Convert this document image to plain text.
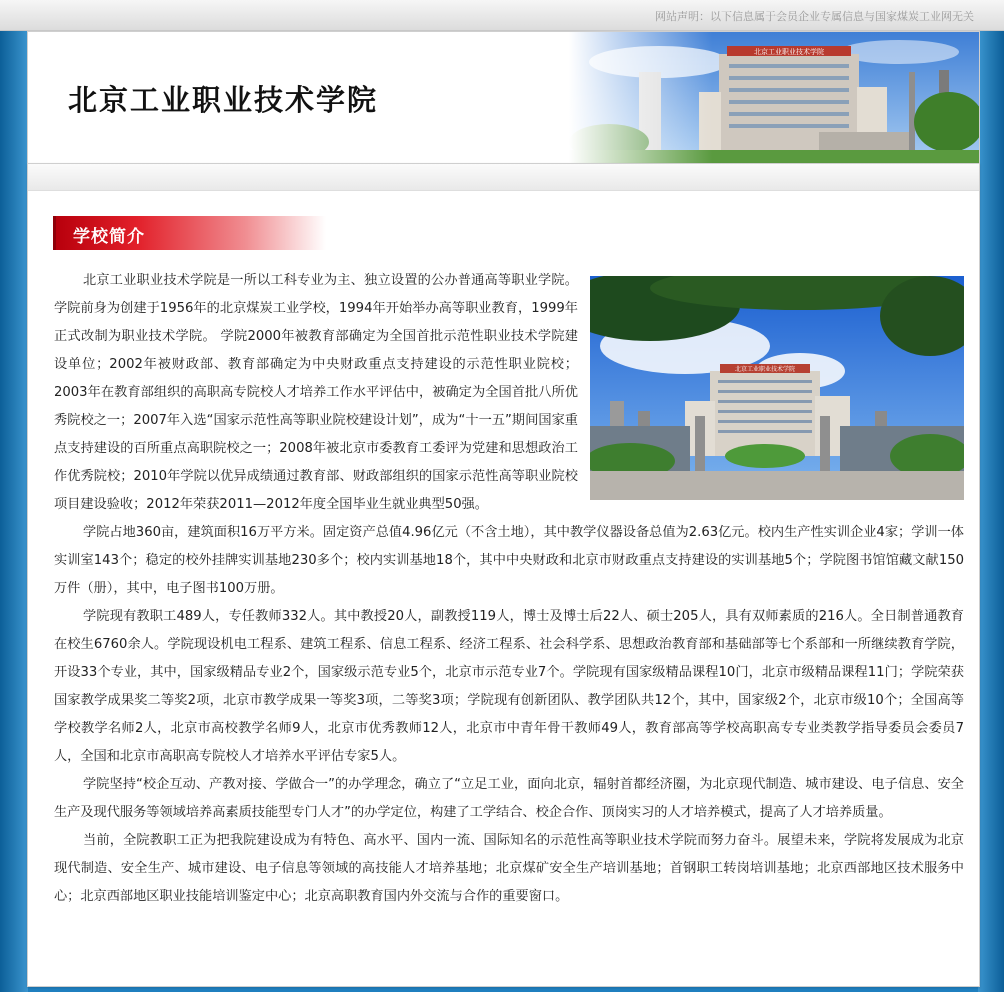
网站声明：以下信息属于会员企业专属信息与国家煤炭工业网无关
北京工业职业技术学院
学校简介
北京工业职业技术学院

北京工业职业技术学院是一所以工科专业为主、独立设置的公办普通高等职业学院。学院前身为创建于1956年的北京煤炭工业学校，1994年开始举办高等职业教育，1999年正式改制为职业技术学院。 学院2000年被教育部确定为全国首批示范性职业技术学院建设单位；2002年被财政部、教育部确定为中央财政重点支持建设的示范性职业院校；2003年在教育部组织的高职高专院校人才培养工作水平评估中，被确定为全国首批八所优秀院校之一；2007年入选“国家示范性高等职业院校建设计划”，成为“十一五”期间国家重点支持建设的百所重点高职院校之一；2008年被北京市委教育工委评为党建和思想政治工作优秀院校；2010年学院以优异成绩通过教育部、财政部组织的国家示范性高等职业院校项目建设验收；2012年荣获2011—2012年度全国毕业生就业典型50强。

学院占地360亩，建筑面积16万平方米。固定资产总值4.96亿元（不含土地），其中教学仪器设备总值为2.63亿元。校内生产性实训企业4家；学训一体实训室143个；稳定的校外挂牌实训基地230多个；校内实训基地18个，其中中央财政和北京市财政重点支持建设的实训基地5个；学院图书馆馆藏文献150万件（册），其中，电子图书100万册。

学院现有教职工489人，专任教师332人。其中教授20人，副教授119人，博士及博士后22人、硕士205人，具有双师素质的216人。全日制普通教育在校生6760余人。学院现设机电工程系、建筑工程系、信息工程系、经济工程系、社会科学系、思想政治教育部和基础部等七个系部和一所继续教育学院，开设33个专业，其中，国家级精品专业2个，国家级示范专业5个，北京市示范专业7个。学院现有国家级精品课程10门，北京市级精品课程11门；学院荣获国家教学成果奖二等奖2项，北京市教学成果一等奖3项，二等奖3项；学院现有创新团队、教学团队共12个，其中，国家级2个，北京市级10个；全国高等学校教学名师2人，北京市高校教学名师9人，北京市优秀教师12人，北京市中青年骨干教师49人，教育部高等学校高职高专专业类教学指导委员会委员7人，全国和北京市高职高专院校人才培养水平评估专家5人。

学院坚持“校企互动、产教对接、学做合一”的办学理念，确立了“立足工业，面向北京，辐射首都经济圈，为北京现代制造、城市建设、电子信息、安全生产及现代服务等领域培养高素质技能型专门人才”的办学定位，构建了工学结合、校企合作、顶岗实习的人才培养模式，提高了人才培养质量。

当前，全院教职工正为把我院建设成为有特色、高水平、国内一流、国际知名的示范性高等职业技术学院而努力奋斗。展望未来，学院将发展成为北京现代制造、安全生产、城市建设、电子信息等领域的高技能人才培养基地；北京煤矿安全生产培训基地；首钢职工转岗培训基地；北京西部地区技术服务中心；北京西部地区职业技能培训鉴定中心；北京高职教育国内外交流与合作的重要窗口。
